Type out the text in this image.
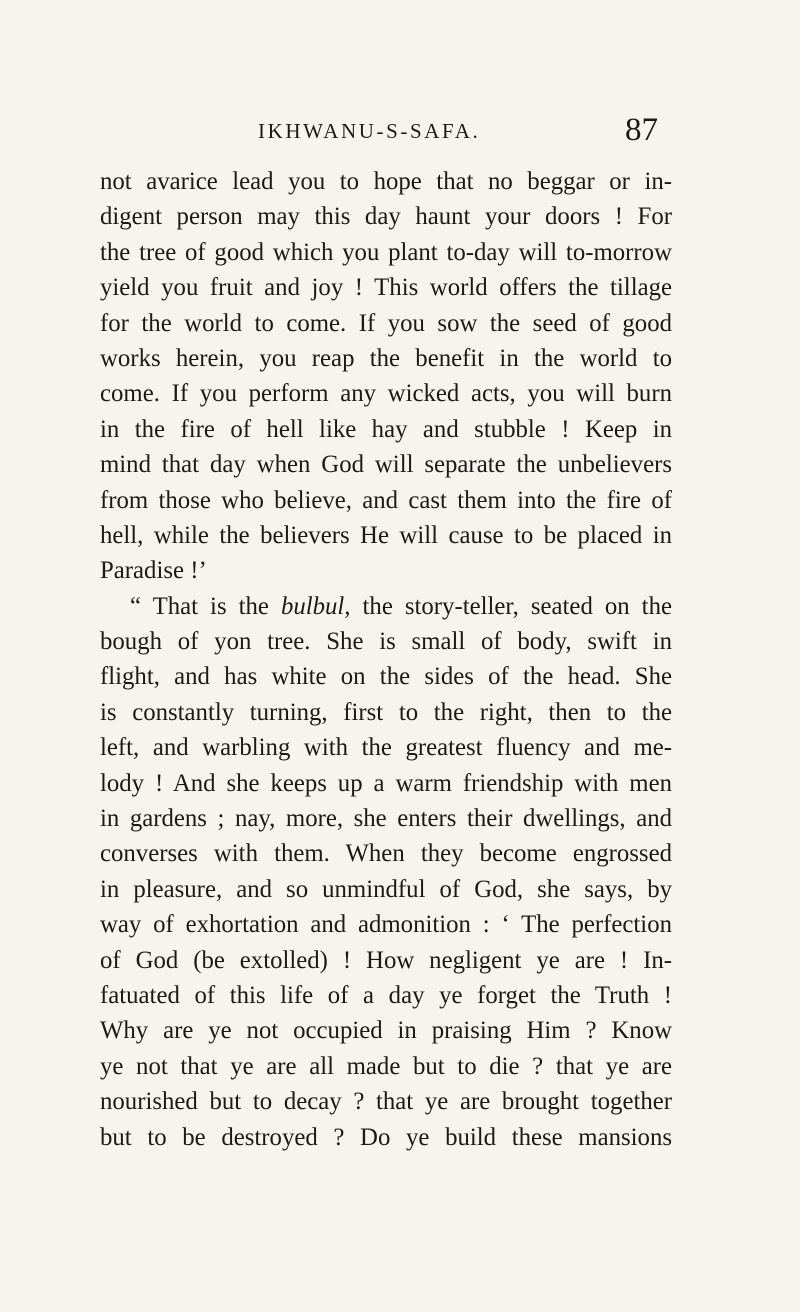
IKHWANU-S-SAFA.	87
not avarice lead you to hope that no beggar or in-
digent person may this day haunt your doors ! For
the tree of good which you plant to-day will to-morrow
yield you fruit and joy ! This world offers the tillage
for the world to come. If you sow the seed of good
works herein, you reap the benefit in the world to
come. If you perform any wicked acts, you will burn
in the fire of hell like hay and stubble ! Keep in
mind that day when God will separate the unbelievers
from those who believe, and cast them into the fire of
hell, while the believers He will cause to be placed in
Paradise !’
“ That is the bulbul, the story-teller, seated on the
bough of yon tree. She is small of body, swift in
flight, and has white on the sides of the head. She
is constantly turning, first to the right, then to the
left, and warbling with the greatest fluency and me-
lody ! And she keeps up a warm friendship with men
in gardens ; nay, more, she enters their dwellings, and
converses with them. When they become engrossed
in pleasure, and so unmindful of God, she says, by
way of exhortation and admonition : ‘ The perfection
of God (be extolled) ! How negligent ye are ! In-
fatuated of this life of a day ye forget the Truth !
Why are ye not occupied in praising Him ? Know
ye not that ye are all made but to die ? that ye are
nourished but to decay ? that ye are brought together
but to be destroyed ? Do ye build these mansions
